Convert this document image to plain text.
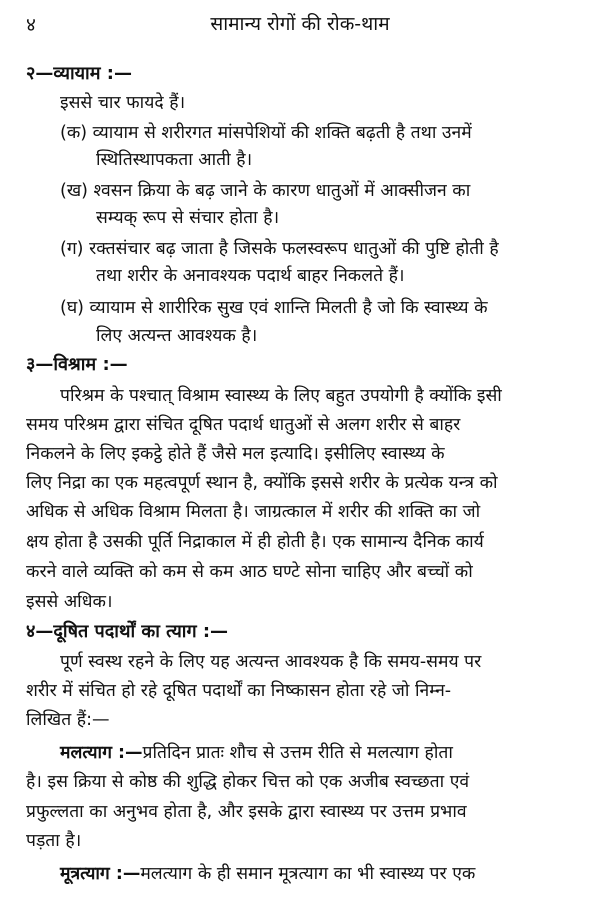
४	सामान्य रोगों की रोक-थाम
२—व्यायाम :—
इससे चार फायदे हैं।
(क) व्यायाम से शरीरगत मांसपेशियों की शक्ति बढ़ती है तथा उनमें
स्थितिस्थापकता आती है।
(ख) श्वसन क्रिया के बढ़ जाने के कारण धातुओं में आक्सीजन का
सम्यक् रूप से संचार होता है।
(ग) रक्तसंचार बढ़ जाता है जिसके फलस्वरूप धातुओं की पुष्टि होती है
तथा शरीर के अनावश्यक पदार्थ बाहर निकलते हैं।
(घ) व्यायाम से शारीरिक सुख एवं शान्ति मिलती है जो कि स्वास्थ्य के
लिए अत्यन्त आवश्यक है।
३—विश्राम :—
परिश्रम के पश्चात् विश्राम स्वास्थ्य के लिए बहुत उपयोगी है क्योंकि इसी
समय परिश्रम द्वारा संचित दूषित पदार्थ धातुओं से अलग शरीर से बाहर
निकलने के लिए इकट्ठे होते हैं जैसे मल इत्यादि। इसीलिए स्वास्थ्य के
लिए निद्रा का एक महत्वपूर्ण स्थान है, क्योंकि इससे शरीर के प्रत्येक यन्त्र को
अधिक से अधिक विश्राम मिलता है। जाग्रत्काल में शरीर की शक्ति का जो
क्षय होता है उसकी पूर्ति निद्राकाल में ही होती है। एक सामान्य दैनिक कार्य
करने वाले व्यक्ति को कम से कम आठ घण्टे सोना चाहिए और बच्चों को
इससे अधिक।
४—दूषित पदार्थों का त्याग :—
पूर्ण स्वस्थ रहने के लिए यह अत्यन्त आवश्यक है कि समय-समय पर
शरीर में संचित हो रहे दूषित पदार्थों का निष्कासन होता रहे जो निम्न-
लिखित हैं:—
मलत्याग :—प्रतिदिन प्रातः शौच से उत्तम रीति से मलत्याग होता
है। इस क्रिया से कोष्ठ की शुद्धि होकर चित्त को एक अजीब स्वच्छता एवं
प्रफुल्लता का अनुभव होता है, और इसके द्वारा स्वास्थ्य पर उत्तम प्रभाव
पड़ता है।
मूत्रत्याग :—मलत्याग के ही समान मूत्रत्याग का भी स्वास्थ्य पर एक
